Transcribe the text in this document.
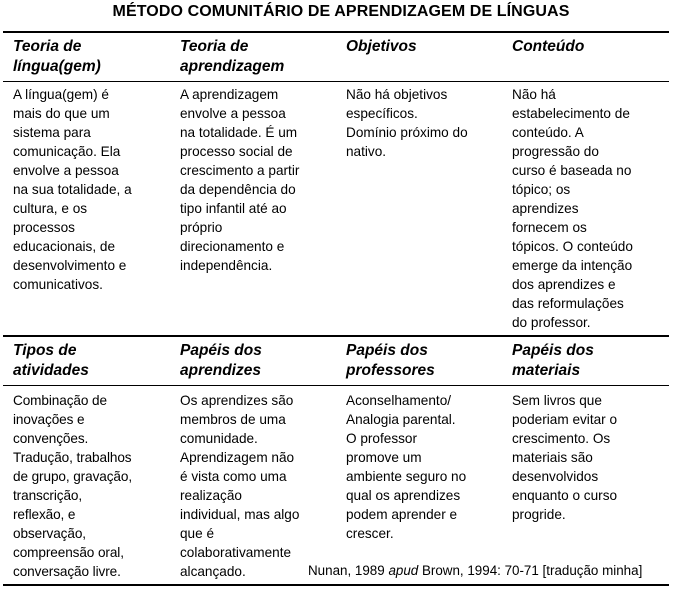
MÉTODO COMUNITÁRIO DE APRENDIZAGEM DE LÍNGUAS
Teoria de
língua(gem)
Teoria de
aprendizagem
Objetivos	Conteúdo
A língua(gem) é
mais do que um
sistema para
comunicação. Ela
envolve a pessoa
na sua totalidade, a
cultura, e os
processos
educacionais, de
desenvolvimento e
comunicativos.
A aprendizagem
envolve a pessoa
na totalidade. É um
processo social de
crescimento a partir
da dependência do
tipo infantil até ao
próprio
direcionamento e
independência.
Não há objetivos
específicos.
Domínio próximo do
nativo.
Não há
estabelecimento de
conteúdo. A
progressão do
curso é baseada no
tópico; os
aprendizes
fornecem os
tópicos. O conteúdo
emerge da intenção
dos aprendizes e
das reformulações
do professor.
Tipos de
atividades
Papéis dos
aprendizes
Papéis dos
professores
Papéis dos
materiais
Combinação de
inovações e
convenções.
Tradução, trabalhos
de grupo, gravação,
transcrição,
reflexão, e
observação,
compreensão oral,
conversação livre.
Os aprendizes são
membros de uma
comunidade.
Aprendizagem não
é vista como uma
realização
individual, mas algo
que é
colaborativamente
alcançado.
Aconselhamento/
Analogia parental.
O professor
promove um
ambiente seguro no
qual os aprendizes
podem aprender e
crescer.
Sem livros que
poderiam evitar o
crescimento. Os
materiais são
desenvolvidos
enquanto o curso
progride.
Nunan, 1989 apud Brown, 1994: 70-71 [tradução minha]
